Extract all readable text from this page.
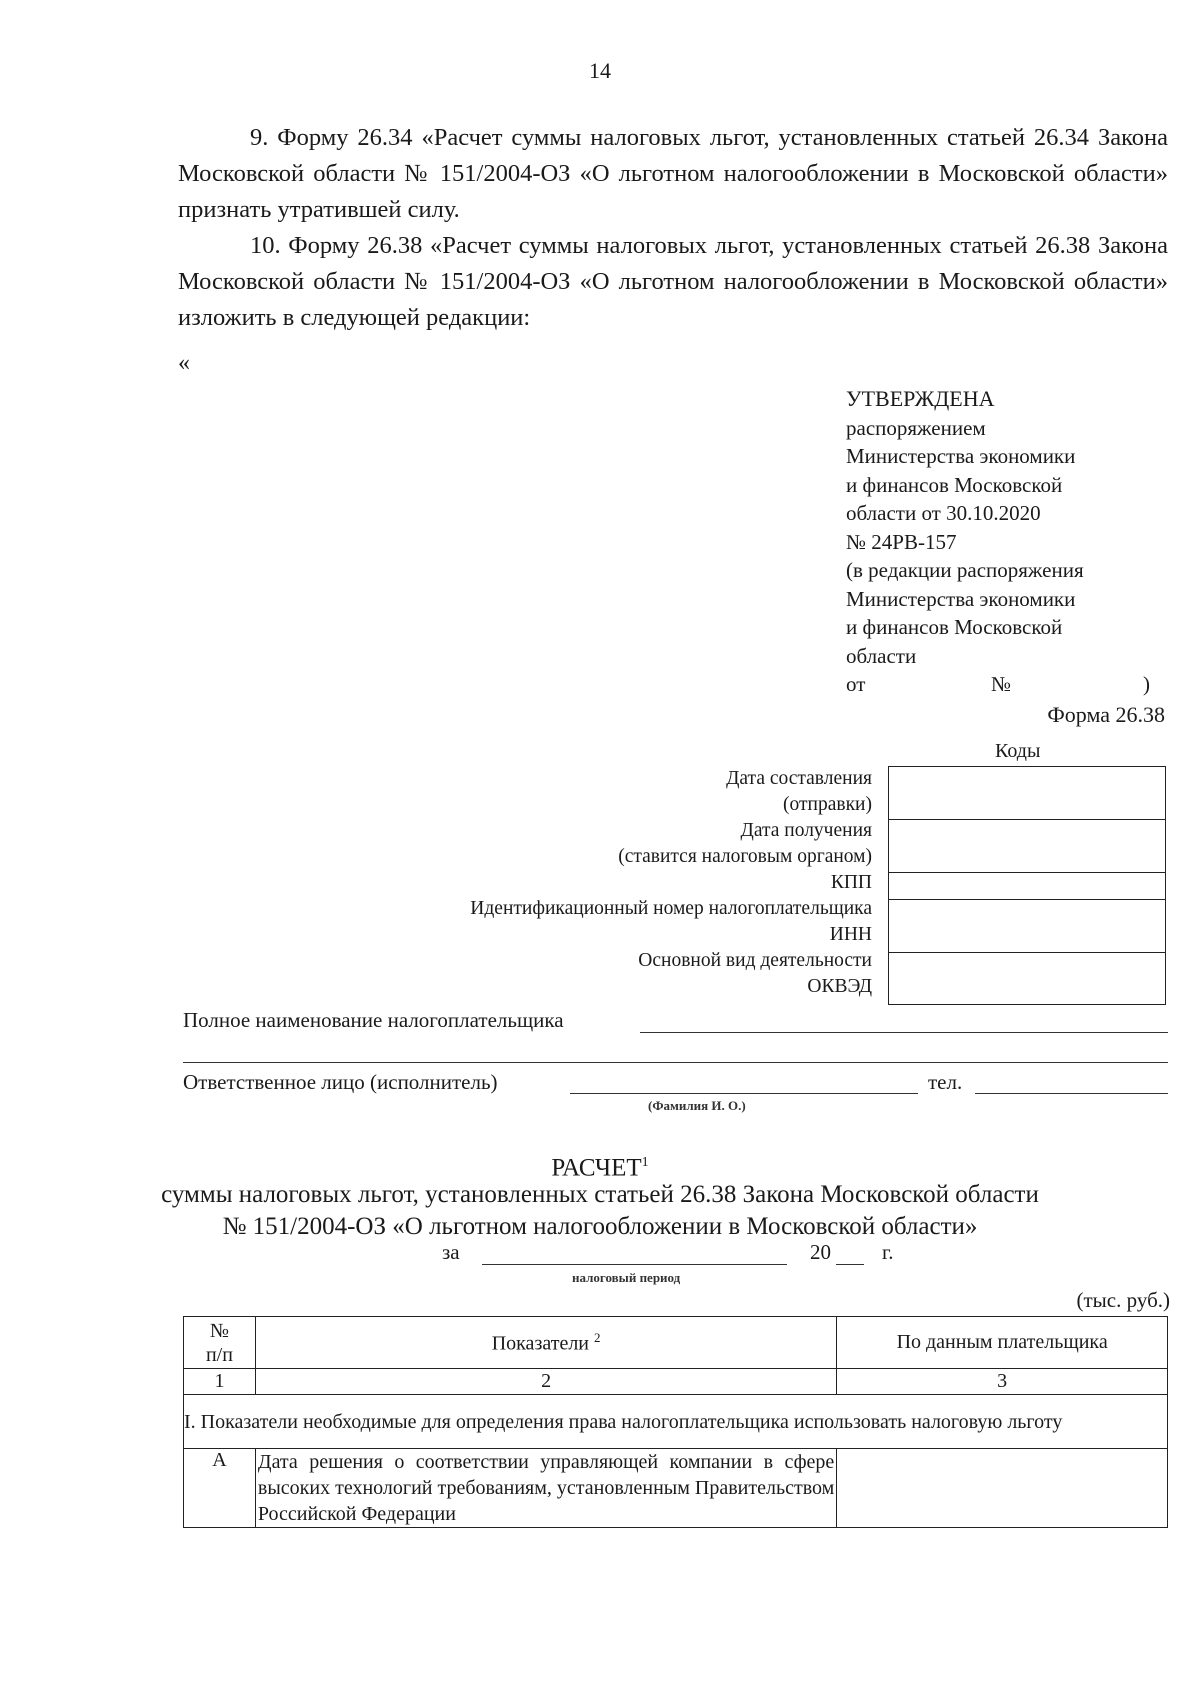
14
9. Форму 26.34 «Расчет суммы налоговых льгот, установленных статьей 26.34 Закона Московской области № 151/2004-ОЗ «О льготном налогообложении в Московской области» признать утратившей силу.
10. Форму 26.38 «Расчет суммы налоговых льгот, установленных статьей 26.38 Закона Московской области № 151/2004-ОЗ «О льготном налогообложении в Московской области» изложить в следующей редакции:
«
УТВЕРЖДЕНА
распоряжением
Министерства экономики
и финансов Московской
области от 30.10.2020
№ 24РВ-157
(в редакции распоряжения
Министерства экономики
и финансов Московской
области
от	№	)
Форма 26.38
Коды
Дата составления
(отправки)
Дата получения
(ставится налоговым органом)
КПП
Идентификационный номер налогоплательщика
ИНН
Основной вид деятельности
ОКВЭД
Полное наименование налогоплательщика
Ответственное лицо (исполнитель)	тел.
(Фамилия И. О.)
РАСЧЕТ$^1$
суммы налоговых льгот, установленных статьей 26.38 Закона Московской области
№ 151/2004-ОЗ «О льготном налогообложении в Московской области»
за	20 г.
налоговый период
(тыс. руб.)
№
п/п	Показатели $^2$	По данным плательщика
1	2	3
I. Показатели необходимые для определения права налогоплательщика использовать налоговую льготу		
А	Дата решения о соответствии управляющей компании в сфере высоких технологий требованиям, установленным Правительством Российской Федерации	
